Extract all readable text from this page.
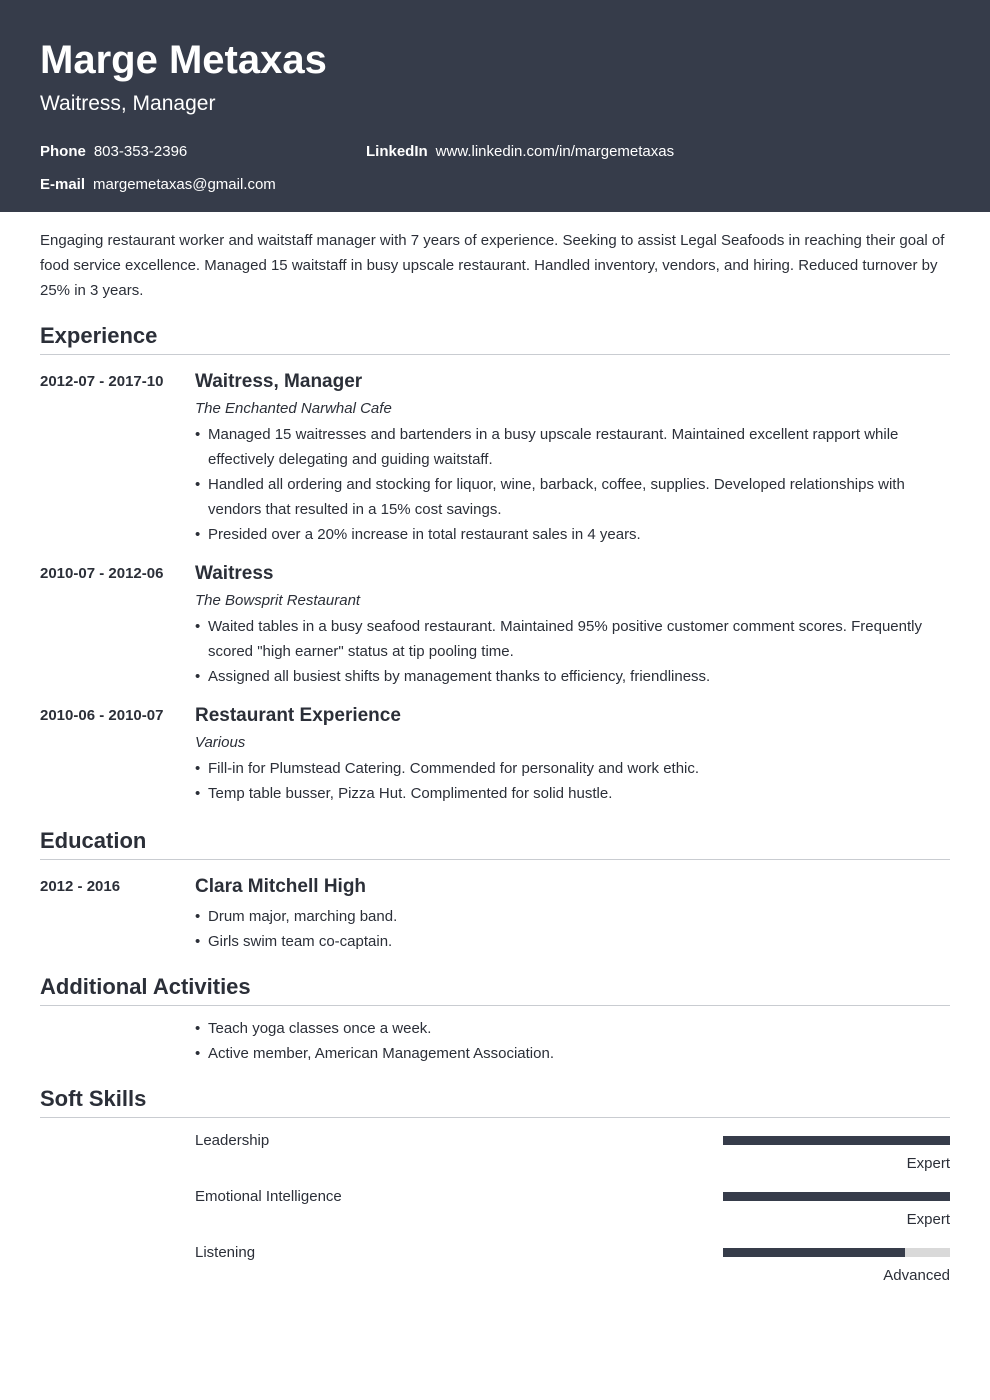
Marge Metaxas
Waitress, Manager
Phone 803-353-2396	LinkedIn www.linkedin.com/in/margemetaxas
E-mail margemetaxas@gmail.com
Engaging restaurant worker and waitstaff manager with 7 years of experience. Seeking to assist Legal Seafoods in reaching their goal of food service excellence. Managed 15 waitstaff in busy upscale restaurant. Handled inventory, vendors, and hiring. Reduced turnover by 25% in 3 years.
Experience
2012-07 - 2017-10	Waitress, Manager
The Enchanted Narwhal Cafe
• Managed 15 waitresses and bartenders in a busy upscale restaurant. Maintained excellent rapport while effectively delegating and guiding waitstaff.
• Handled all ordering and stocking for liquor, wine, barback, coffee, supplies. Developed relationships with vendors that resulted in a 15% cost savings.
• Presided over a 20% increase in total restaurant sales in 4 years.
2010-07 - 2012-06	Waitress
The Bowsprit Restaurant
• Waited tables in a busy seafood restaurant. Maintained 95% positive customer comment scores. Frequently scored "high earner" status at tip pooling time.
• Assigned all busiest shifts by management thanks to efficiency, friendliness.
2010-06 - 2010-07	Restaurant Experience
Various
• Fill-in for Plumstead Catering. Commended for personality and work ethic.
• Temp table busser, Pizza Hut. Complimented for solid hustle.
Education
2012 - 2016	Clara Mitchell High
• Drum major, marching band.
• Girls swim team co-captain.
Additional Activities
• Teach yoga classes once a week.
• Active member, American Management Association.
Soft Skills
Leadership
Expert
Emotional Intelligence
Expert
Listening
Advanced
